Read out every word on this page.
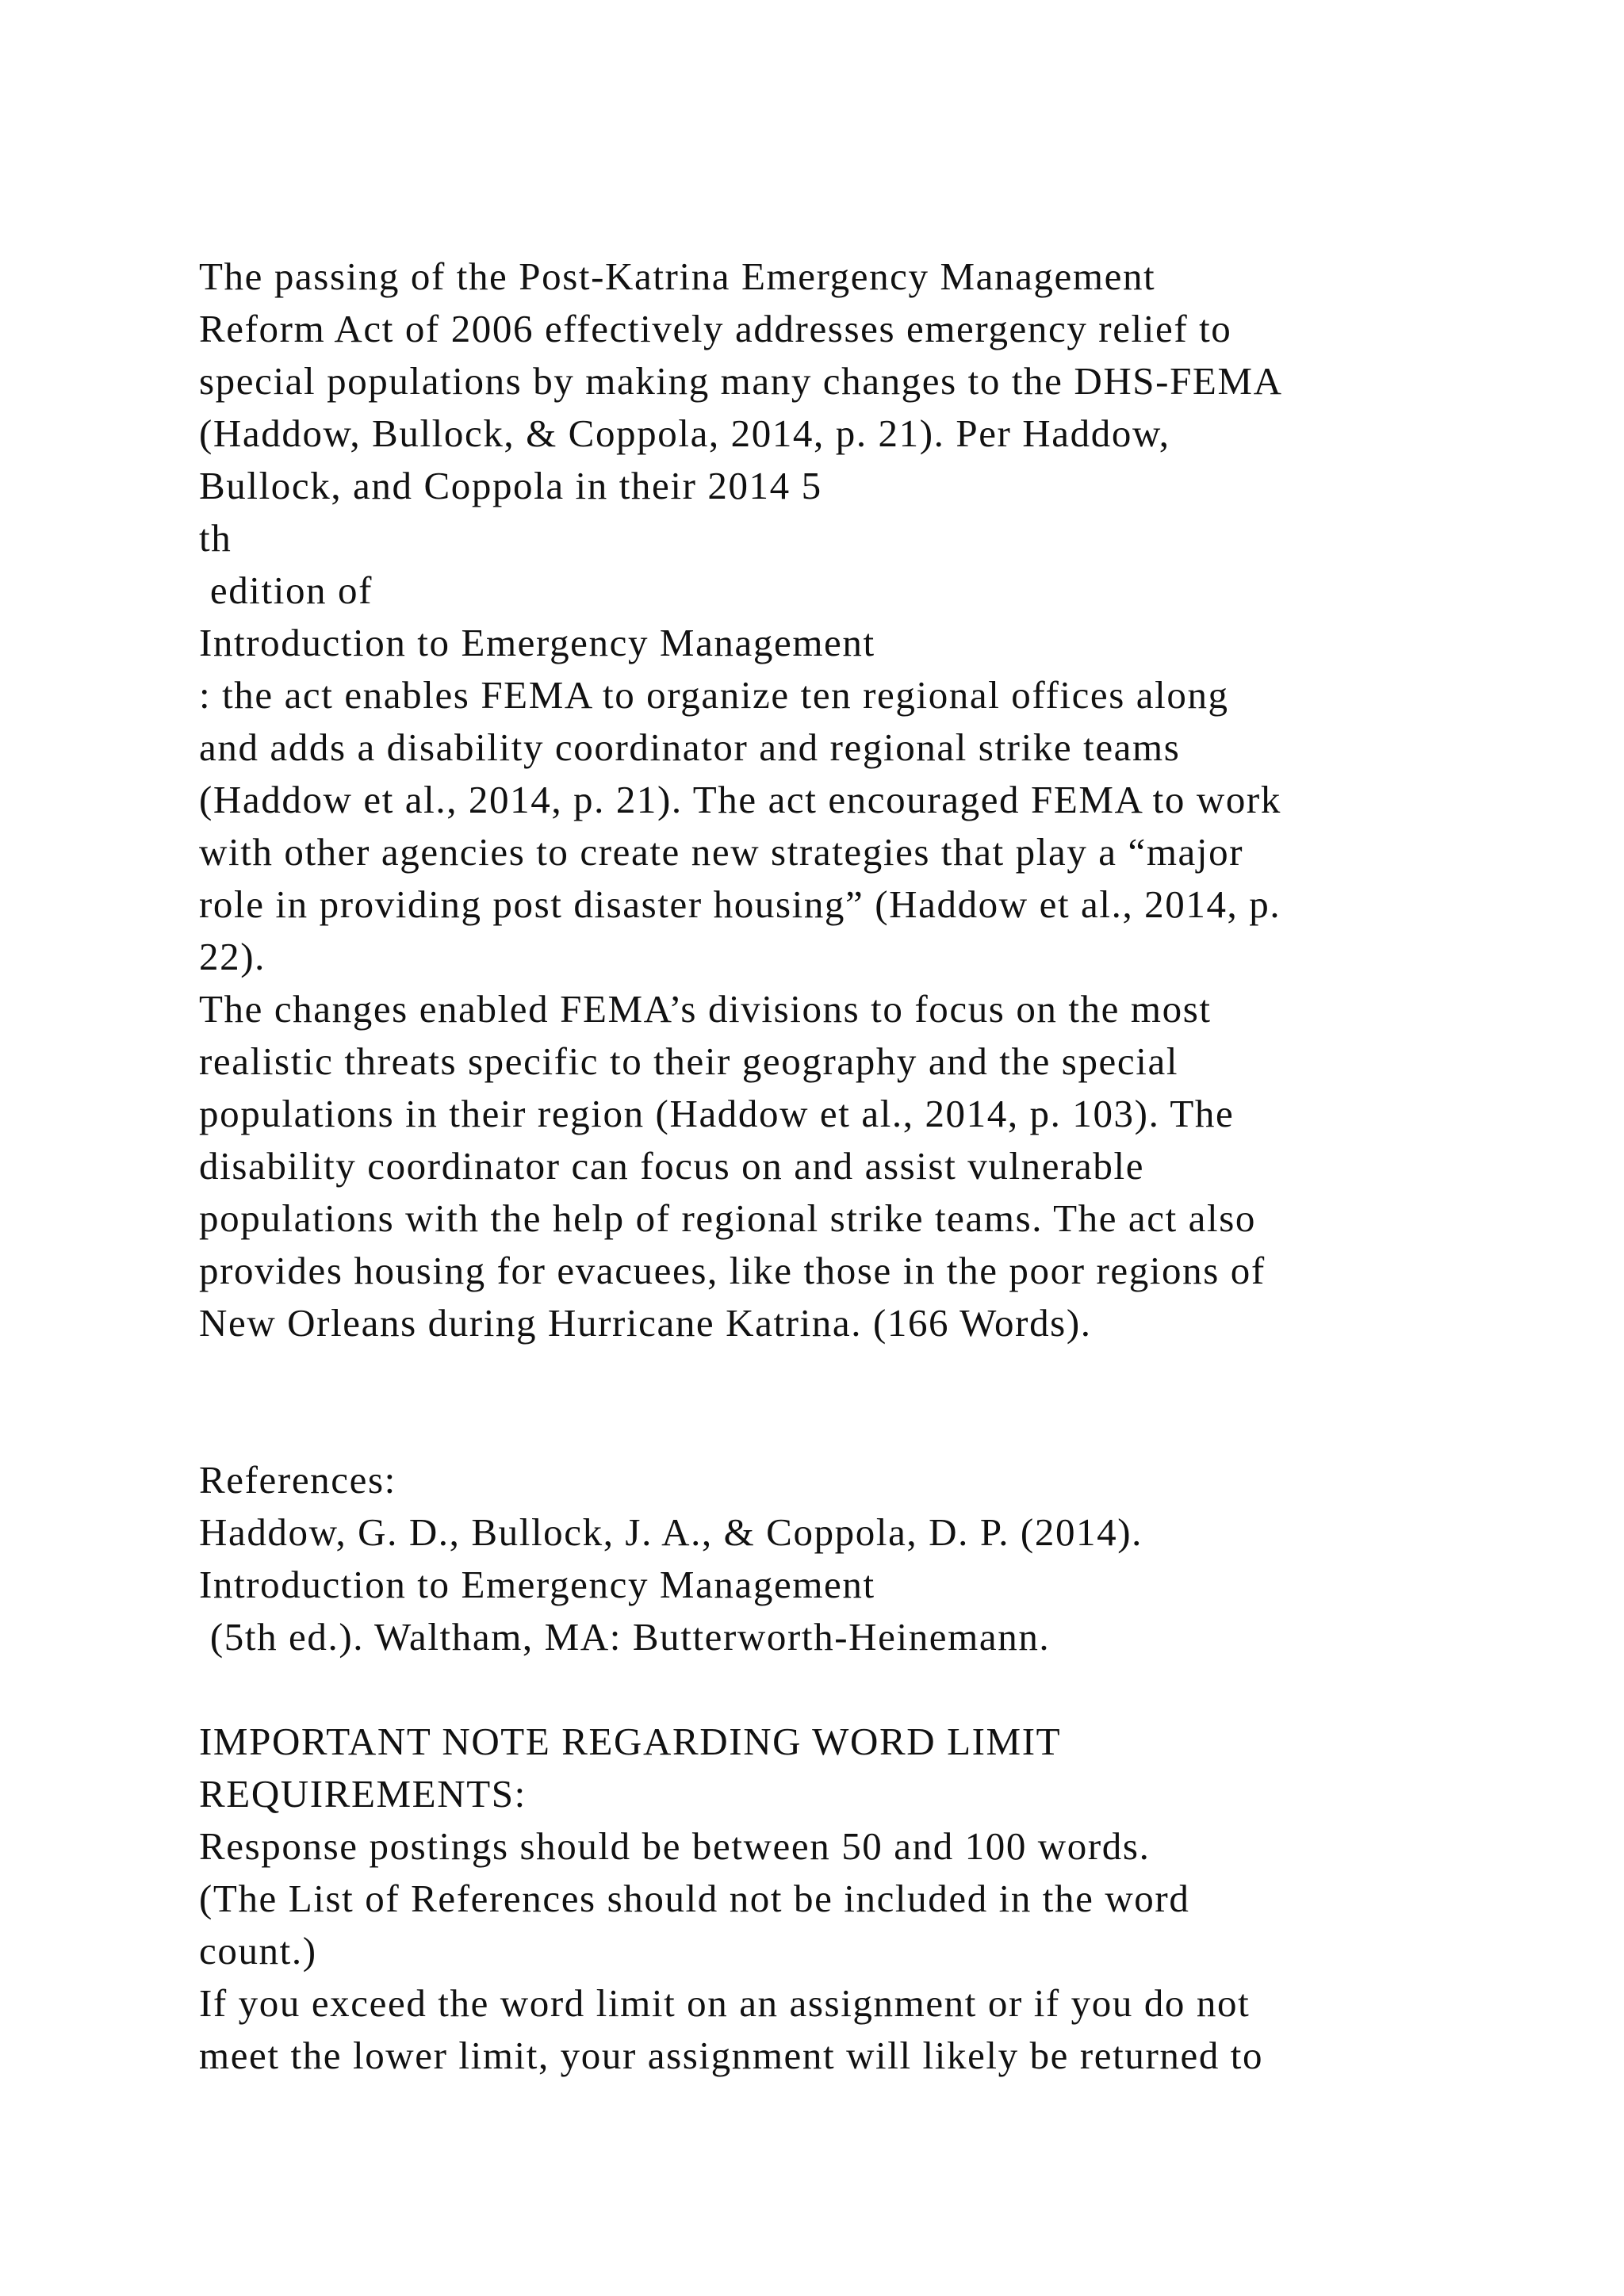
The passing of the Post-Katrina Emergency Management
Reform Act of 2006 effectively addresses emergency relief to
special populations by making many changes to the DHS-FEMA
(Haddow, Bullock, & Coppola, 2014, p. 21). Per Haddow,
Bullock, and Coppola in their 2014 5
th
edition of
Introduction to Emergency Management
: the act enables FEMA to organize ten regional offices along
and adds a disability coordinator and regional strike teams
(Haddow et al., 2014, p. 21). The act encouraged FEMA to work
with other agencies to create new strategies that play a “major
role in providing post disaster housing” (Haddow et al., 2014, p.
22).
The changes enabled FEMA’s divisions to focus on the most
realistic threats specific to their geography and the special
populations in their region (Haddow et al., 2014, p. 103). The
disability coordinator can focus on and assist vulnerable
populations with the help of regional strike teams. The act also
provides housing for evacuees, like those in the poor regions of
New Orleans during Hurricane Katrina. (166 Words).
References:
Haddow, G. D., Bullock, J. A., & Coppola, D. P. (2014).
Introduction to Emergency Management
(5th ed.). Waltham, MA: Butterworth-Heinemann.
IMPORTANT NOTE REGARDING WORD LIMIT
REQUIREMENTS:
Response postings should be between 50 and 100 words.
(The List of References should not be included in the word
count.)
If you exceed the word limit on an assignment or if you do not
meet the lower limit, your assignment will likely be returned to
